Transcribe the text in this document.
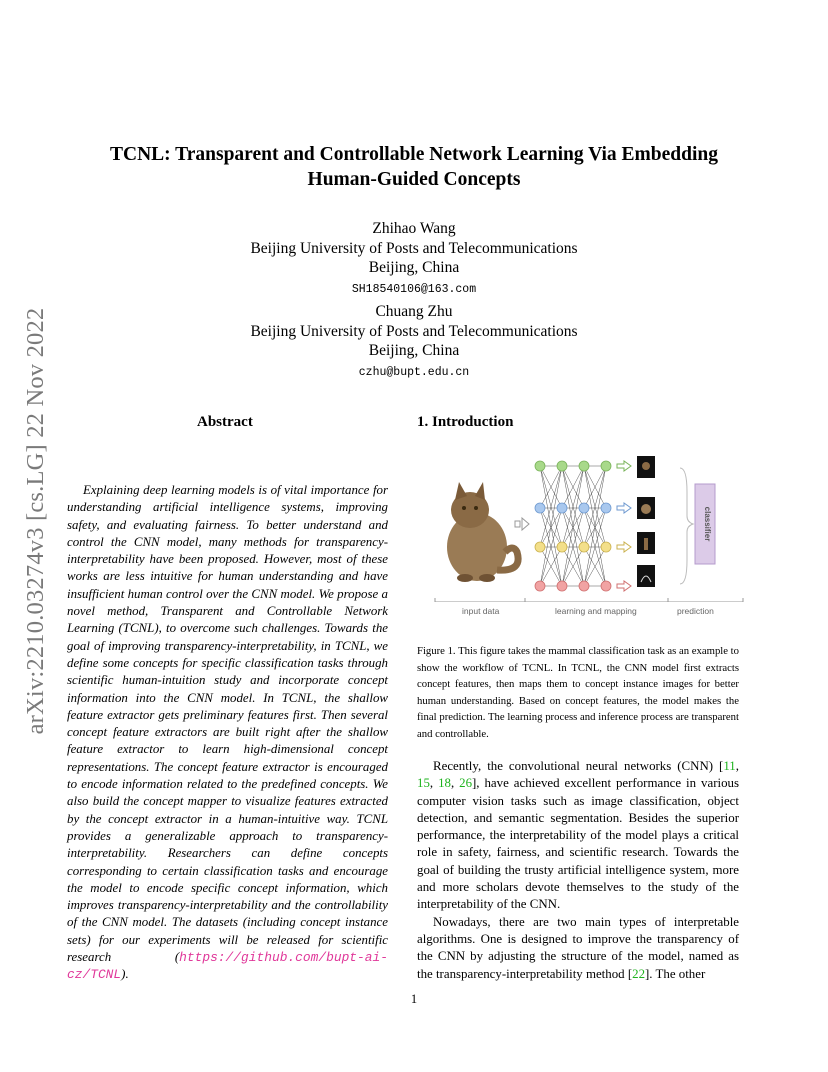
arXiv:2210.03274v3 [cs.LG] 22 Nov 2022
TCNL: Transparent and Controllable Network Learning Via Embedding
Human-Guided Concepts
Zhihao Wang
Beijing University of Posts and Telecommunications
Beijing, China
SH18540106@163.com
Chuang Zhu
Beijing University of Posts and Telecommunications
Beijing, China
czhu@bupt.edu.cn
Abstract	1. Introduction
Explaining deep learning models is of vital importance for understanding artificial intelligence systems, improving safety, and evaluating fairness. To better understand and control the CNN model, many methods for transparency-interpretability have been proposed. However, most of these works are less intuitive for human understanding and have insufficient human control over the CNN model. We propose a novel method, Transparent and Controllable Network Learning (TCNL), to overcome such challenges. Towards the goal of improving transparency-interpretability, in TCNL, we define some concepts for specific classification tasks through scientific human-intuition study and incorporate concept information into the CNN model. In TCNL, the shallow feature extractor gets preliminary features first. Then several concept feature extractors are built right after the shallow feature extractor to learn high-dimensional concept representations. The concept feature extractor is encouraged to encode information related to the predefined concepts. We also build the concept mapper to visualize features extracted by the concept extractor in a human-intuitive way. TCNL provides a generalizable approach to transparency-interpretability. Researchers can define concepts corresponding to certain classification tasks and encourage the model to encode specific concept information, which improves transparency-interpretability and the controllability of the CNN model. The datasets (including concept instance sets) for our experiments will be released for scientific research (https://github.com/bupt-ai-cz/TCNL).
classifier
input data	learning and mapping	prediction
Figure 1. This figure takes the mammal classification task as an example to show the workflow of TCNL. In TCNL, the CNN model first extracts concept features, then maps them to concept instance images for better human understanding. Based on concept features, the model makes the final prediction. The learning process and inference process are transparent and controllable.

Recently, the convolutional neural networks (CNN) [11, 15, 18, 26], have achieved excellent performance in various computer vision tasks such as image classification, object detection, and semantic segmentation. Besides the superior performance, the interpretability of the model plays a critical role in safety, fairness, and scientific research. Towards the goal of building the trusty artificial intelligence system, more and more scholars devote themselves to the study of the interpretability of the CNN.

Nowadays, there are two main types of interpretable algorithms. One is designed to improve the transparency of the CNN by adjusting the structure of the model, named as the transparency-interpretability method [22]. The other

1
